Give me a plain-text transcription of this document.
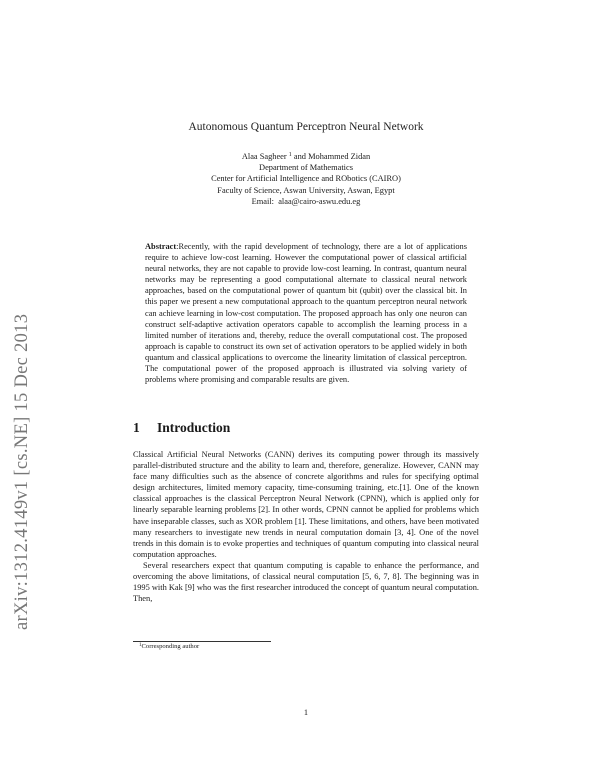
arXiv:1312.4149v1 [cs.NE] 15 Dec 2013
Autonomous Quantum Perceptron Neural Network
Alaa Sagheer $^1$ and Mohammed Zidan
Department of Mathematics
Center for Artificial Intelligence and RObotics (CAIRO)
Faculty of Science, Aswan University, Aswan, Egypt
Email: alaa@cairo-aswu.edu.eg
Abstract:Recently, with the rapid development of technology, there are a lot of applications require to achieve low-cost learning. However the computational power of classical artificial neural networks, they are not capable to provide low-cost learning. In contrast, quantum neural networks may be representing a good computational alternate to classical neural network approaches, based on the computational power of quantum bit (qubit) over the classical bit. In this paper we present a new computational approach to the quantum perceptron neural network can achieve learning in low-cost computation. The proposed approach has only one neuron can construct self-adaptive activation operators capable to accomplish the learning process in a limited number of iterations and, thereby, reduce the overall computational cost. The proposed approach is capable to construct its own set of activation operators to be applied widely in both quantum and classical applications to overcome the linearity limitation of classical perceptron. The computational power of the proposed approach is illustrated via solving variety of problems where promising and comparable results are given.
1 Introduction

Classical Artificial Neural Networks (CANN) derives its computing power through its massively parallel-distributed structure and the ability to learn and, therefore, generalize. However, CANN may face many difficulties such as the absence of concrete algorithms and rules for specifying optimal design architectures, limited memory capacity, time-consuming training, etc.[1]. One of the known classical approaches is the classical Perceptron Neural Network (CPNN), which is applied only for linearly separable learning problems [2]. In other words, CPNN cannot be applied for problems which have inseparable classes, such as XOR problem [1]. These limitations, and others, have been motivated many researchers to investigate new trends in neural computation domain [3, 4]. One of the novel trends in this domain is to evoke properties and techniques of quantum computing into classical neural computation approaches.

Several researchers expect that quantum computing is capable to enhance the performance, and overcoming the above limitations, of classical neural computation [5, 6, 7, 8]. The beginning was in 1995 with Kak [9] who was the first researcher introduced the concept of quantum neural computation. Then,

$^1$Corresponding author
1
